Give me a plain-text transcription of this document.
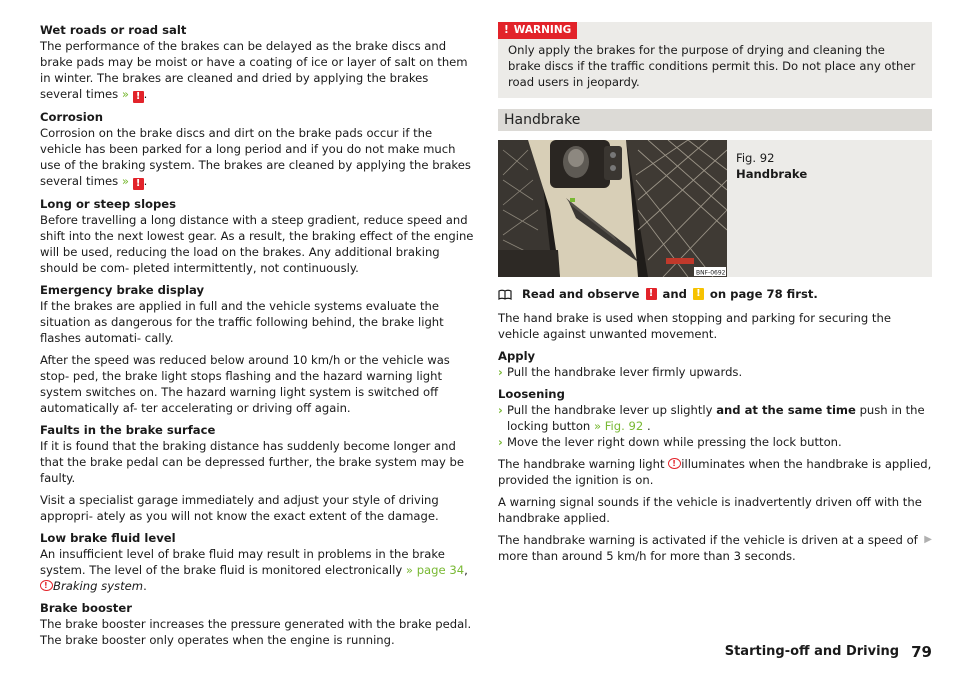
Wet roads or road salt
The performance of the brakes can be delayed as the brake discs and brake pads may be moist or have a coating of ice or layer of salt on them in winter. The brakes are cleaned and dried by applying the brakes several times » ! .
Corrosion
Corrosion on the brake discs and dirt on the brake pads occur if the vehicle has been parked for a long period and if you do not make much use of the braking system. The brakes are cleaned by applying the brakes several times » ! .
Long or steep slopes
Before travelling a long distance with a steep gradient, reduce speed and shift into the next lowest gear. As a result, the braking effect of the engine will be used, reducing the load on the brakes. Any additional braking should be com- pleted intermittently, not continuously.
Emergency brake display
If the brakes are applied in full and the vehicle systems evaluate the situation as dangerous for the traffic following behind, the brake light flashes automati- cally.

After the speed was reduced below around 10 km/h or the vehicle was stop- ped, the brake light stops flashing and the hazard warning light system switches on. The hazard warning light system is switched off automatically af- ter accelerating or driving off again.

Faults in the brake surface
If it is found that the braking distance has suddenly become longer and that the brake pedal can be depressed further, the brake system may be faulty.

Visit a specialist garage immediately and adjust your style of driving appropri- ately as you will not know the exact extent of the damage.

Low brake fluid level
An insufficient level of brake fluid may result in problems in the brake system. The level of the brake fluid is monitored electronically » page 34, !Braking system.
Brake booster
The brake booster increases the pressure generated with the brake pedal. The brake booster only operates when the engine is running.
! WARNING
Only apply the brakes for the purpose of drying and cleaning the brake discs if the traffic conditions permit this. Do not place any other road users in jeopardy.
Handbrake
BNF-0692
Fig. 92
Handbrake
Read and observe ! and ! on page 78 first.

The hand brake is used when stopping and parking for securing the vehicle against unwanted movement.

Apply
› Pull the handbrake lever firmly upwards.
Loosening
› Pull the handbrake lever up slightly and at the same time push in the locking button » Fig. 92 .
› Move the lever right down while pressing the lock button.

The handbrake warning light ! illuminates when the handbrake is applied, provided the ignition is on.

A warning signal sounds if the vehicle is inadvertently driven off with the handbrake applied.

The handbrake warning is activated if the vehicle is driven at a speed of more than around 5 km/h for more than 3 seconds.
▶

Starting-off and Driving 79
